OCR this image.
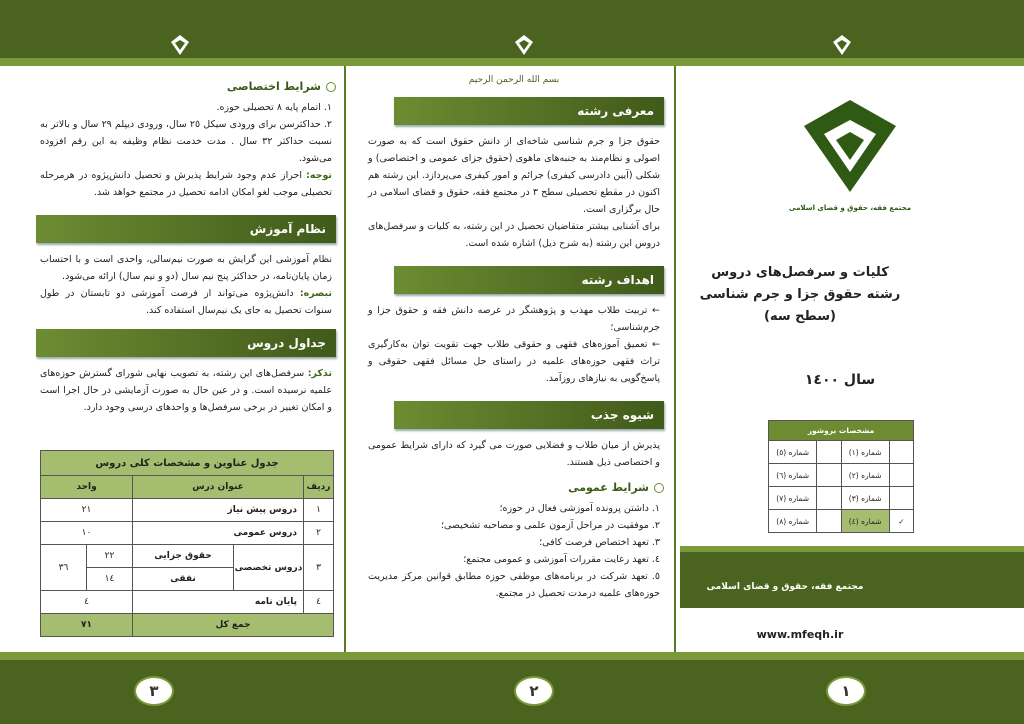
٣	٢	١
شرایط اختصاصی
١. اتمام پایه ٨ تحصیلی حوزه.
٢. حداکثرسن برای ورودی سیکل ٢٥ سال، ورودی دیپلم ٢٩ سال و بالاتر به نسبت حداکثر ٣٢ سال . مدت خدمت نظام وظیفه به این رقم افزوده می‌شود.
توجه: احراز عدم وجود شرایط پذیرش و تحصیل دانش‌پژوه در هرمرحله تحصیلی موجب لغو امکان ادامه تحصیل در مجتمع خواهد شد.
نظام آموزش
نظام آموزشی این گرایش به صورت نیم‌سالی، واحدی است و با احتساب زمان پایان‌نامه، در حداکثر پنج نیم سال (دو و نیم سال) ارائه می‌شود.
تبصره: دانش‌پژوه می‌تواند از فرصت آموزشی دو تابستان در طول سنوات تحصیل به جای یک نیم‌سال استفاده کند.
جداول دروس
تذکر: سرفصل‌های این رشته، به تصویب نهایی شورای گسترش حوزه‌های علمیه نرسیده است. و در عین حال به صورت آزمایشی در حال اجرا است و امکان تغییر در برخی سرفصل‌ها و واحدهای درسی وجود دارد.
جدول عناوین و مشخصات کلی دروس				
ردیف	عنوان درس		واحد	
١	دروس پیش نیاز		٢١	
٢	دروس عمومی		١٠	
٣	دروس تخصصی	حقوق جزایی	٢٢	٣٦
		نفقی	١٤	
٤	پایان نامه		٤	
جمع کل			٧١	
بسم الله الرحمن الرحیم
معرفی رشته
حقوق جزا و جرم شناسی شاخه‌ای از دانش حقوق است که به صورت اصولی و نظام‌مند به جنبه‌های ماهوی (حقوق جزای عمومی و اختصاصی) و شکلی (آیین دادرسی کیفری) جرائم و امور کیفری می‌پردازد. این رشته هم اکنون در مقطع تحصیلی سطح ۳ در مجتمع فقه، حقوق و قضای اسلامی در حال برگزاری است.
برای آشنایی بیشتر متقاضیان تحصیل در این رشته، به کلیات و سرفصل‌های دروس این رشته (به شرح ذیل) اشاره شده است.
اهداف رشته
← تربیت طلاب مهذب و پژوهشگر در عرصه دانش فقه و حقوق جزا و جرم‌شناسی؛
← تعمیق آموزه‌های فقهی و حقوقی طلاب جهت تقویت توان به‌کارگیری تراث فقهی حوزه‌های علمیه در راستای حل مسائل فقهی حقوقی و پاسخ‌گویی به نیازهای روزآمد.
شیوه جذب
پذیرش از میان طلاب و فضلایی صورت می گیرد که دارای شرایط عمومی و اختصاصی ذیل هستند.
شرایط عمومی
١. داشتن پرونده آموزشی فعال در حوزه؛
٢. موفقیت در مراحل آزمون علمی و مصاحبه تشخیصی؛
٣. تعهد اختصاص فرصت کافی؛
٤. تعهد رعایت مقررات آموزشی و عمومی مجتمع؛
٥. تعهد شرکت در برنامه‌های موظفی حوزه مطابق قوانین مرکز مدیریت حوزه‌های علمیه درمدت تحصیل در مجتمع.
مجتمع فقه، حقوق و قضای اسلامی
کلیات و سرفصل‌های دروس
رشته حقوق جزا و جرم شناسی
(سطح سه)
سال ١٤٠٠
مشخصات بروشور			
	شماره (١)		شماره (٥)
	شماره (٢)		شماره (٦)
	شماره (٣)		شماره (٧)
✓	شماره (٤)		شماره (٨)
مجتمع فقه، حقوق و قضای اسلامی
www.mfeqh.ir
